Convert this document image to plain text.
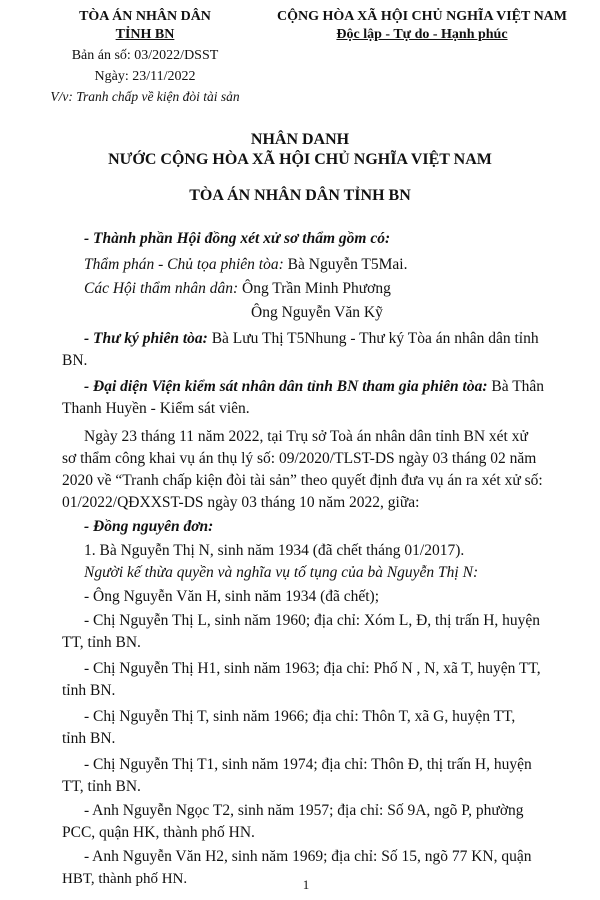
TÒA ÁN NHÂN DÂN
TỈNH BN
Bản án số: 03/2022/DSST
Ngày: 23/11/2022
V/v: Tranh chấp về kiện đòi tài sản
CỘNG HÒA XÃ HỘI CHỦ NGHĨA VIỆT NAM
Độc lập - Tự do - Hạnh phúc
NHÂN DANH
NƯỚC CỘNG HÒA XÃ HỘI CHỦ NGHĨA VIỆT NAM
TÒA ÁN NHÂN DÂN TỈNH BN
- Thành phần Hội đồng xét xử sơ thẩm gồm có:
Thẩm phán - Chủ tọa phiên tòa: Bà Nguyễn T5Mai.
Các Hội thẩm nhân dân: Ông Trần Minh Phương
Ông Nguyễn Văn Kỹ
- Thư ký phiên tòa: Bà Lưu Thị T5Nhung - Thư ký Tòa án nhân dân tỉnh
BN.
- Đại diện Viện kiểm sát nhân dân tỉnh BN tham gia phiên tòa: Bà Thân
Thanh Huyền - Kiểm sát viên.
Ngày 23 tháng 11 năm 2022, tại Trụ sở Toà án nhân dân tỉnh BN xét xử
sơ thẩm công khai vụ án thụ lý số: 09/2020/TLST-DS ngày 03 tháng 02 năm
2020 về “Tranh chấp kiện đòi tài sản” theo quyết định đưa vụ án ra xét xử số:
01/2022/QĐXXST-DS ngày 03 tháng 10 năm 2022, giữa:
- Đồng nguyên đơn:
1. Bà Nguyễn Thị N, sinh năm 1934 (đã chết tháng 01/2017).
Người kế thừa quyền và nghĩa vụ tố tụng của bà Nguyễn Thị N:
- Ông Nguyễn Văn H, sinh năm 1934 (đã chết);
- Chị Nguyễn Thị L, sinh năm 1960; địa chỉ: Xóm L, Đ, thị trấn H, huyện
TT, tỉnh BN.
- Chị Nguyễn Thị H1, sinh năm 1963; địa chỉ: Phố N , N, xã T, huyện TT,
tỉnh BN.
- Chị Nguyễn Thị T, sinh năm 1966; địa chỉ: Thôn T, xã G, huyện TT,
tỉnh BN.
- Chị Nguyễn Thị T1, sinh năm 1974; địa chỉ: Thôn Đ, thị trấn H, huyện
TT, tỉnh BN.
- Anh Nguyễn Ngọc T2, sinh năm 1957; địa chỉ: Số 9A, ngõ P, phường
PCC, quận HK, thành phố HN.
- Anh Nguyễn Văn H2, sinh năm 1969; địa chỉ: Số 15, ngõ 77 KN, quận
HBT, thành phố HN.	1
